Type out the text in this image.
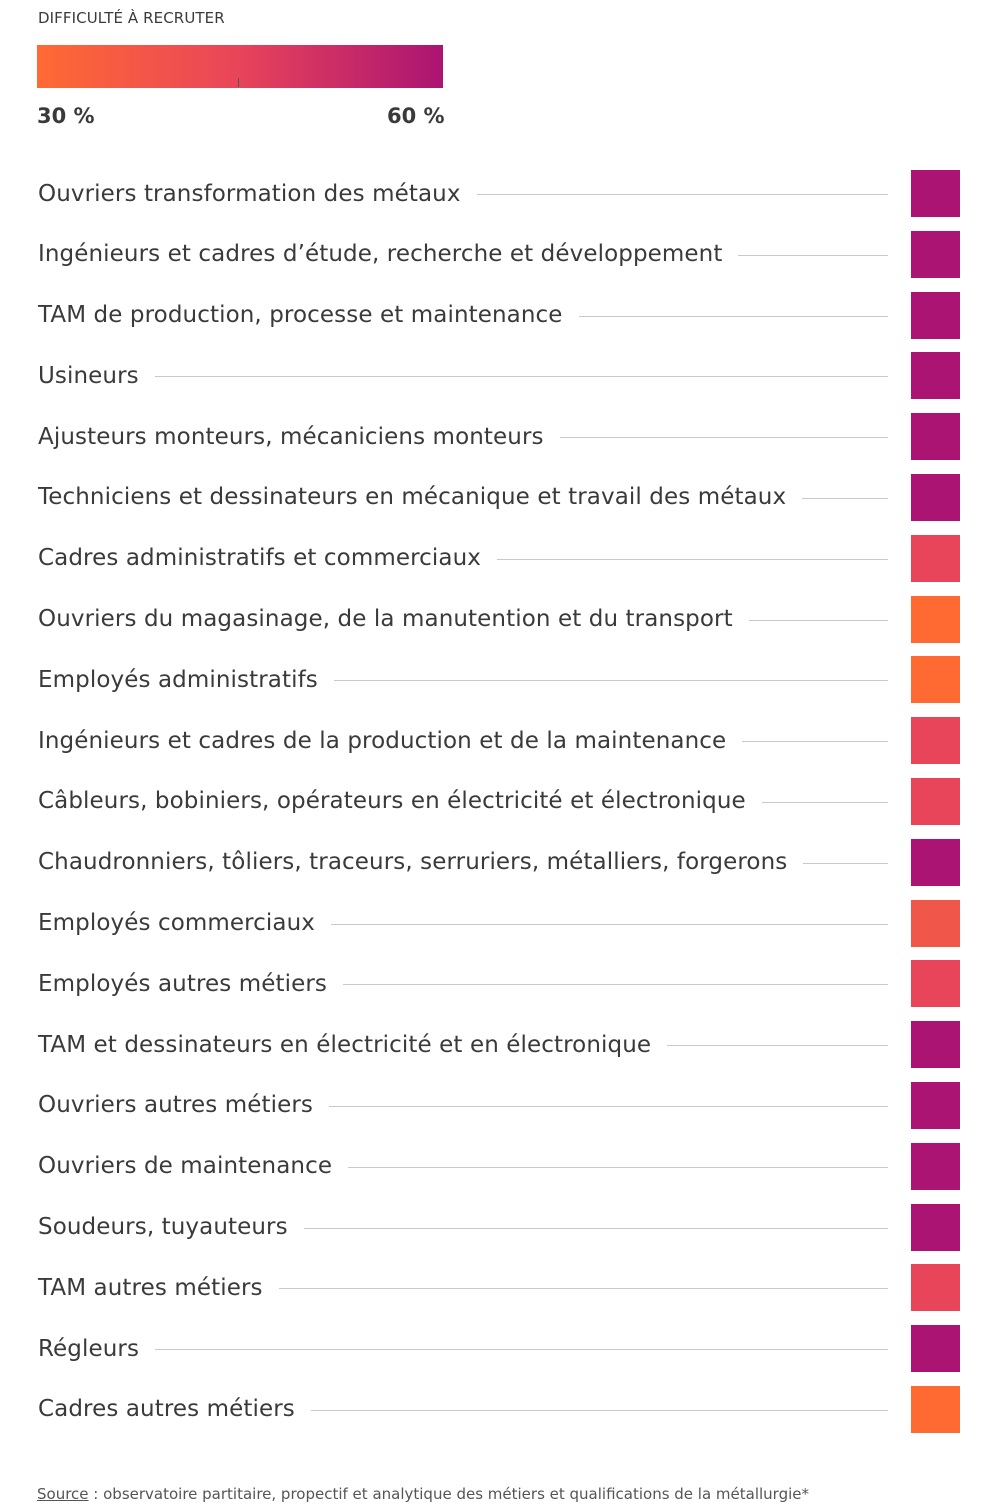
DIFFICULTÉ À RECRUTER
30 %	60 %
Ouvriers transformation des métaux
Ingénieurs et cadres d’étude, recherche et développement
TAM de production, processe et maintenance
Usineurs
Ajusteurs monteurs, mécaniciens monteurs
Techniciens et dessinateurs en mécanique et travail des métaux
Cadres administratifs et commerciaux
Ouvriers du magasinage, de la manutention et du transport
Employés administratifs
Ingénieurs et cadres de la production et de la maintenance
Câbleurs, bobiniers, opérateurs en électricité et électronique
Chaudronniers, tôliers, traceurs, serruriers, métalliers, forgerons
Employés commerciaux
Employés autres métiers
TAM et dessinateurs en électricité et en électronique
Ouvriers autres métiers
Ouvriers de maintenance
Soudeurs, tuyauteurs
TAM autres métiers
Régleurs
Cadres autres métiers
Source : observatoire partitaire, propectif et analytique des métiers et qualifications de la métallurgie*
